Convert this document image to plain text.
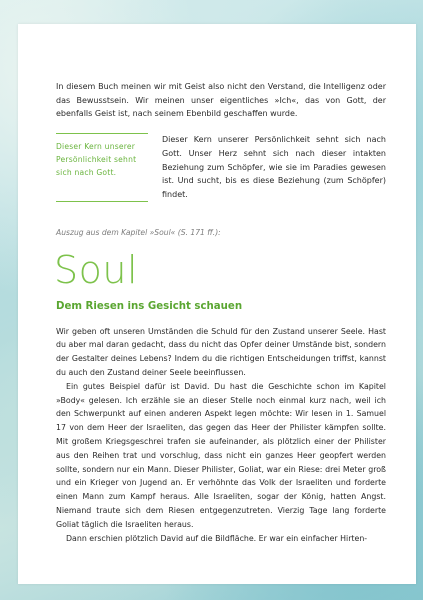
In diesem Buch meinen wir mit Geist also nicht den Verstand, die Intelligenz oder das Bewusstsein. Wir meinen unser eigentliches »Ich«, das von Gott, der ebenfalls Geist ist, nach seinem Ebenbild geschaffen wurde.

Dieser Kern unserer Persönlichkeit sehnt sich nach Gott.

Dieser Kern unserer Persönlichkeit sehnt sich nach Gott. Unser Herz sehnt sich nach dieser intakten Beziehung zum Schöpfer, wie sie im Paradies gewesen ist. Und sucht, bis es diese Beziehung (zum Schöpfer) findet.

Auszug aus dem Kapitel »Soul« (S. 171 ff.):
Soul
Dem Riesen ins Gesicht schauen

Wir geben oft unseren Umständen die Schuld für den Zustand unserer Seele. Hast du aber mal daran gedacht, dass du nicht das Opfer deiner Umstände bist, sondern der Gestalter deines Lebens? Indem du die richtigen Entscheidungen triffst, kannst du auch den Zustand deiner Seele beeinflussen.

Ein gutes Beispiel dafür ist David. Du hast die Geschichte schon im Kapitel »Body« gelesen. Ich erzähle sie an dieser Stelle noch einmal kurz nach, weil ich den Schwerpunkt auf einen anderen Aspekt legen möchte: Wir lesen in 1. Samuel 17 von dem Heer der Israeliten, das gegen das Heer der Philister kämpfen sollte. Mit großem Kriegsgeschrei trafen sie aufeinander, als plötzlich einer der Philister aus den Reihen trat und vorschlug, dass nicht ein ganzes Heer geopfert werden sollte, sondern nur ein Mann. Dieser Philister, Goliat, war ein Riese: drei Meter groß und ein Krieger von Jugend an. Er verhöhnte das Volk der Israeliten und forderte einen Mann zum Kampf heraus. Alle Israeliten, sogar der König, hatten Angst. Niemand traute sich dem Riesen entgegenzutreten. Vierzig Tage lang forderte Goliat täglich die Israeliten heraus.

Dann erschien plötzlich David auf die Bildfläche. Er war ein einfacher Hirten-
